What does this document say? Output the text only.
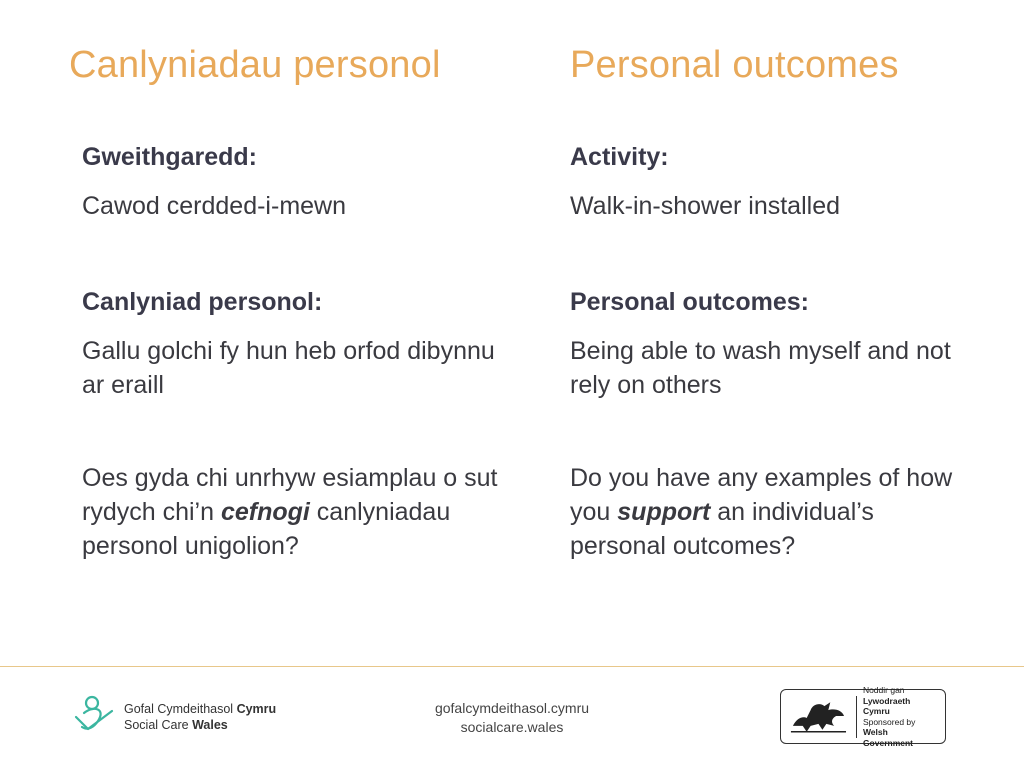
Canlyniadau personol	Personal outcomes

Gweithgaredd:

Cawod cerdded-i-mewn

Canlyniad personol:

Gallu golchi fy hun heb orfod dibynnu ar eraill

Oes gyda chi unrhyw esiamplau o sut rydych chi’n cefnogi canlyniadau personol unigolion?

Activity:

Walk-in-shower installed

Personal outcomes:

Being able to wash myself and not rely on others

Do you have any examples of how you support an individual’s personal outcomes?

Gofal Cymdeithasol Cymru
Social Care Wales
gofalcymdeithasol.cymru
socialcare.wales
Noddir gan
Lywodraeth Cymru
Sponsored by
Welsh Government
